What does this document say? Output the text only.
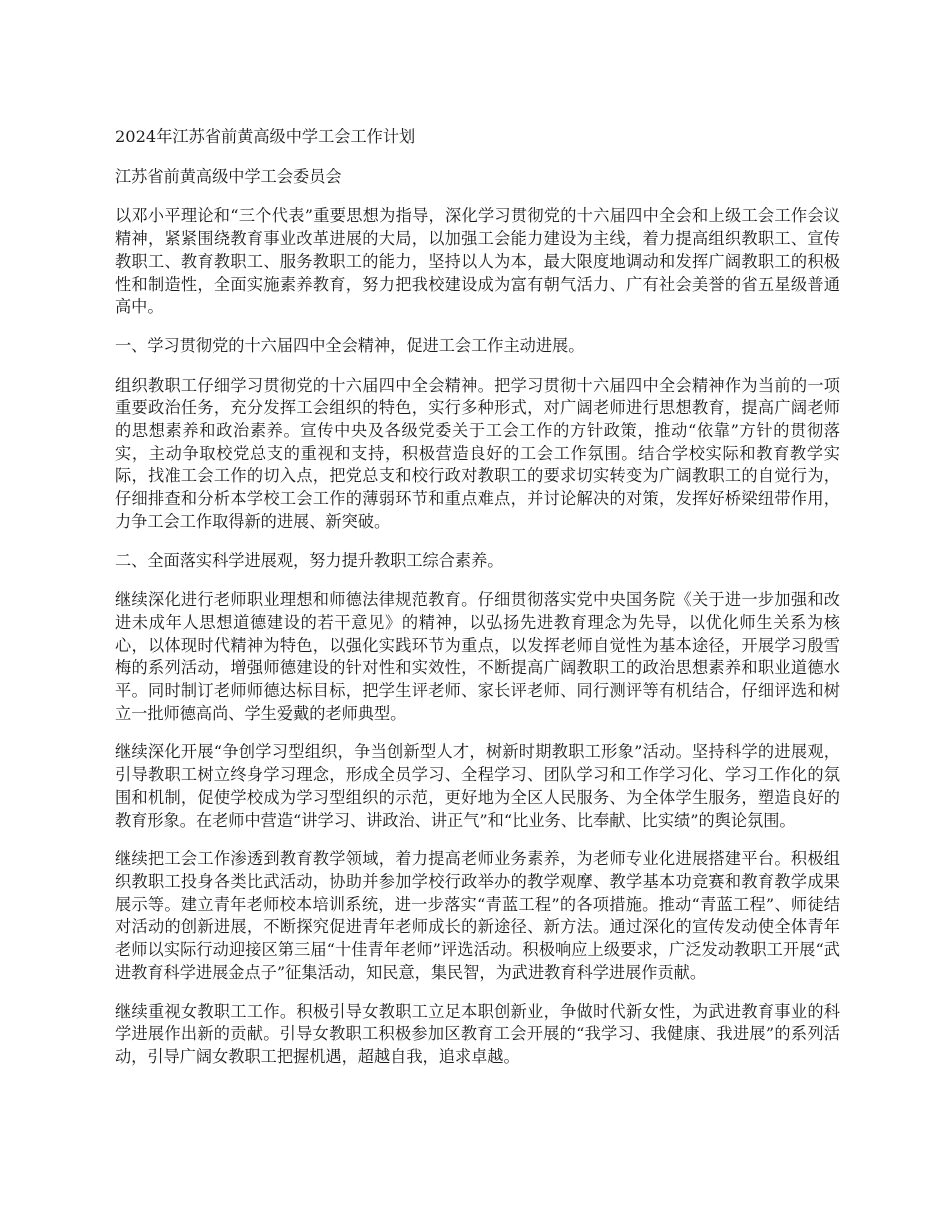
2024年江苏省前黄高级中学工会工作计划

江苏省前黄高级中学工会委员会

以邓小平理论和“三个代表”重要思想为指导，深化学习贯彻党的十六届四中全会和上级工会工作会议精神，紧紧围绕教育事业改革进展的大局，以加强工会能力建设为主线，着力提高组织教职工、宣传教职工、教育教职工、服务教职工的能力，坚持以人为本，最大限度地调动和发挥广阔教职工的积极性和制造性，全面实施素养教育，努力把我校建设成为富有朝气活力、广有社会美誉的省五星级普通高中。

一、学习贯彻党的十六届四中全会精神，促进工会工作主动进展。

组织教职工仔细学习贯彻党的十六届四中全会精神。把学习贯彻十六届四中全会精神作为当前的一项重要政治任务，充分发挥工会组织的特色，实行多种形式，对广阔老师进行思想教育，提高广阔老师的思想素养和政治素养。宣传中央及各级党委关于工会工作的方针政策，推动“依靠”方针的贯彻落实，主动争取校党总支的重视和支持，积极营造良好的工会工作氛围。结合学校实际和教育教学实际，找准工会工作的切入点，把党总支和校行政对教职工的要求切实转变为广阔教职工的自觉行为，仔细排查和分析本学校工会工作的薄弱环节和重点难点，并讨论解决的对策，发挥好桥梁纽带作用，力争工会工作取得新的进展、新突破。

二、全面落实科学进展观，努力提升教职工综合素养。

继续深化进行老师职业理想和师德法律规范教育。仔细贯彻落实党中央国务院《关于进一步加强和改进未成年人思想道德建设的若干意见》的精神，以弘扬先进教育理念为先导，以优化师生关系为核心，以体现时代精神为特色，以强化实践环节为重点，以发挥老师自觉性为基本途径，开展学习殷雪梅的系列活动，增强师德建设的针对性和实效性，不断提高广阔教职工的政治思想素养和职业道德水平。同时制订老师师德达标目标，把学生评老师、家长评老师、同行测评等有机结合，仔细评选和树立一批师德高尚、学生爱戴的老师典型。

继续深化开展“争创学习型组织，争当创新型人才，树新时期教职工形象”活动。坚持科学的进展观，引导教职工树立终身学习理念，形成全员学习、全程学习、团队学习和工作学习化、学习工作化的氛围和机制，促使学校成为学习型组织的示范，更好地为全区人民服务、为全体学生服务，塑造良好的教育形象。在老师中营造“讲学习、讲政治、讲正气”和“比业务、比奉献、比实绩”的舆论氛围。

继续把工会工作渗透到教育教学领域，着力提高老师业务素养，为老师专业化进展搭建平台。积极组织教职工投身各类比武活动，协助并参加学校行政举办的教学观摩、教学基本功竞赛和教育教学成果展示等。建立青年老师校本培训系统，进一步落实“青蓝工程”的各项措施。推动“青蓝工程”、师徒结对活动的创新进展，不断探究促进青年老师成长的新途径、新方法。通过深化的宣传发动使全体青年老师以实际行动迎接区第三届“十佳青年老师”评选活动。积极响应上级要求，广泛发动教职工开展“武进教育科学进展金点子”征集活动，知民意，集民智，为武进教育科学进展作贡献。

继续重视女教职工工作。积极引导女教职工立足本职创新业，争做时代新女性，为武进教育事业的科学进展作出新的贡献。引导女教职工积极参加区教育工会开展的“我学习、我健康、我进展”的系列活动，引导广阔女教职工把握机遇，超越自我，追求卓越。
